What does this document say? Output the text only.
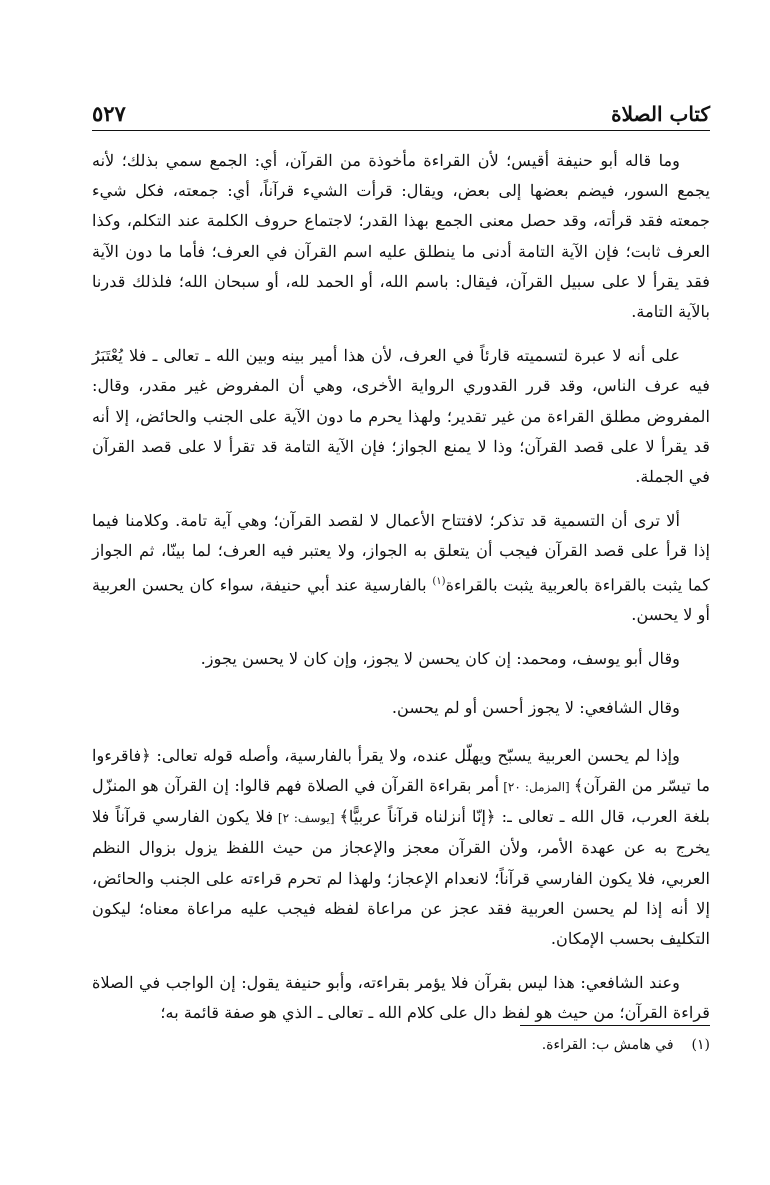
٥٢٧	كتاب الصلاة

وما قاله أبو حنيفة أقيس؛ لأن القراءة مأخوذة من القرآن، أي: الجمع سمي بذلك؛ لأنه يجمع السور، فيضم بعضها إلى بعض، ويقال: قرأت الشيء قرآناً، أي: جمعته، فكل شيء جمعته فقد قرأته، وقد حصل معنى الجمع بهذا القدر؛ لاجتماع حروف الكلمة عند التكلم، وكذا العرف ثابت؛ فإن الآية التامة أدنى ما ينطلق عليه اسم القرآن في العرف؛ فأما ما دون الآية فقد يقرأ لا على سبيل القرآن، فيقال: باسم الله، أو الحمد لله، أو سبحان الله؛ فلذلك قدرنا بالآية التامة.

على أنه لا عبرة لتسميته قارئاً في العرف، لأن هذا أمير بينه وبين الله ـ تعالى ـ فلا يُعْتَبَرُ فيه عرف الناس، وقد قرر القدوري الرواية الأخرى، وهي أن المفروض غير مقدر، وقال: المفروض مطلق القراءة من غير تقدير؛ ولهذا يحرم ما دون الآية على الجنب والحائض، إلا أنه قد يقرأ لا على قصد القرآن؛ وذا لا يمنع الجواز؛ فإن الآية التامة قد تقرأ لا على قصد القرآن في الجملة.

ألا ترى أن التسمية قد تذكر؛ لافتتاح الأعمال لا لقصد القرآن؛ وهي آية تامة. وكلامنا فيما إذا قرأ على قصد القرآن فيجب أن يتعلق به الجواز، ولا يعتبر فيه العرف؛ لما بينّا، ثم الجواز كما يثبت بالقراءة بالعربية يثبت بالقراءة$^{(١)}$ بالفارسية عند أبي حنيفة، سواء كان يحسن العربية أو لا يحسن.

وقال أبو يوسف، ومحمد: إن كان يحسن لا يجوز، وإن كان لا يحسن يجوز.

وقال الشافعي: لا يجوز أحسن أو لم يحسن.

وإذا لم يحسن العربية يسبّح ويهلّل عنده، ولا يقرأ بالفارسية، وأصله قوله تعالى: ﴿فاقرءوا ما تيسّر من القرآن﴾ [المزمل: ٢٠] أمر بقراءة القرآن في الصلاة فهم قالوا: إن القرآن هو المنزّل بلغة العرب، قال الله ـ تعالى ـ: ﴿إنّا أنزلناه قرآناً عربيًّا﴾ [يوسف: ٢] فلا يكون الفارسي قرآناً فلا يخرج به عن عهدة الأمر، ولأن القرآن معجز والإعجاز من حيث اللفظ يزول بزوال النظم العربي، فلا يكون الفارسي قرآناً؛ لانعدام الإعجاز؛ ولهذا لم تحرم قراءته على الجنب والحائض، إلا أنه إذا لم يحسن العربية فقد عجز عن مراعاة لفظه فيجب عليه مراعاة معناه؛ ليكون التكليف بحسب الإمكان.

وعند الشافعي: هذا ليس بقرآن فلا يؤمر بقراءته، وأبو حنيفة يقول: إن الواجب في الصلاة قراءة القرآن؛ من حيث هو لفظ دال على كلام الله ـ تعالى ـ الذي هو صفة قائمة به؛

(١)في هامش ب: القراءة.
